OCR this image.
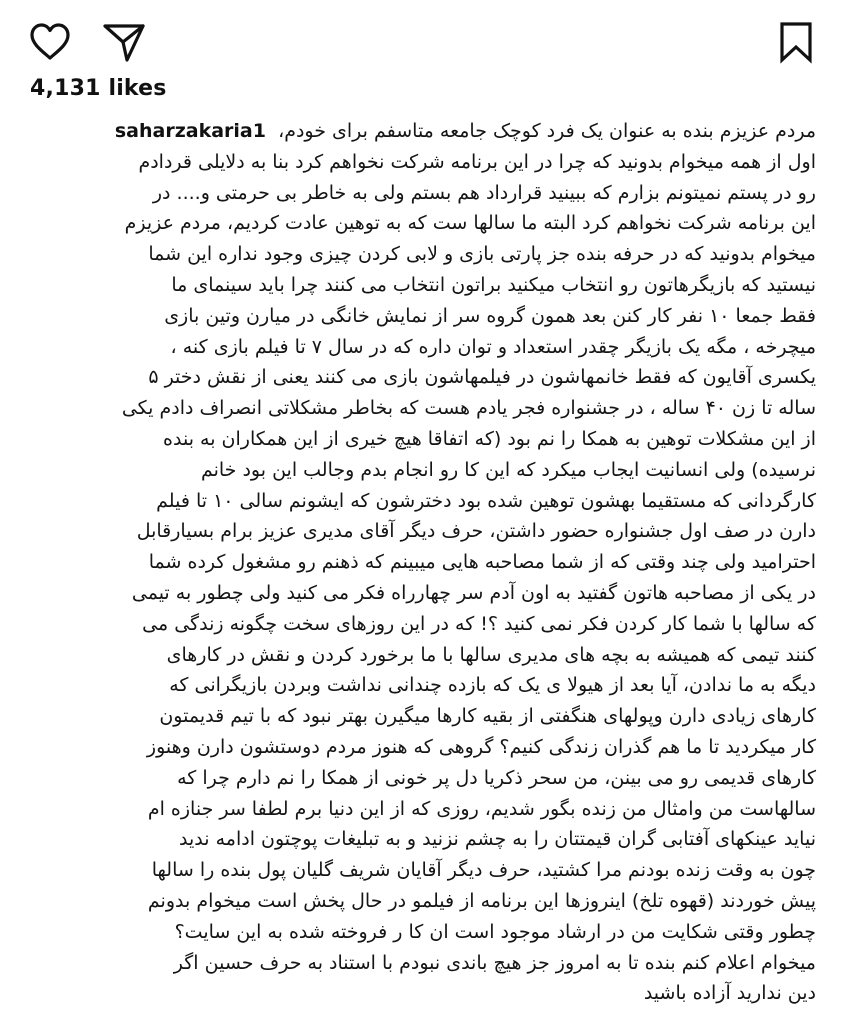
4,131 likes
مردم عزیزم بنده به عنوان یک فرد کوچک جامعه متاسفم برای خودم،  saharzakaria1
اول از همه میخوام بدونید که چرا در این برنامه شرکت نخواهم کرد بنا به دلایلی قردادم
رو در پستم نمیتونم بزارم که ببینید قرارداد هم بستم ولی به خاطر بی حرمتی و.... در
این برنامه شرکت نخواهم کرد البته ما سالها ست که به توهین عادت کردیم، مردم عزیزم
میخوام بدونید که در حرفه بنده جز پارتی بازی و لابی کردن چیزی وجود نداره این شما
نیستید که بازیگرهاتون رو انتخاب میکنید براتون انتخاب می کنند چرا باید سینمای ما
فقط جمعا ۱۰ نفر کار کنن بعد همون گروه سر از نمایش خانگی در میارن وتین بازی
میچرخه ، مگه یک بازیگر چقدر استعداد و توان داره که در سال ۷ تا فیلم بازی کنه ،
یکسری آقایون که فقط خانمهاشون در فیلمهاشون بازی می کنند یعنی از نقش دختر ۵
ساله تا زن ۴۰ ساله ، در جشنواره فجر یادم هست که بخاطر مشکلاتی انصراف دادم یکی
از این مشکلات توهین به همکا را نم بود (که اتفاقا هیچ خیری از این همکاران به بنده
نرسیده) ولی انسانیت ایجاب میکرد که این کا رو انجام بدم وجالب این بود خانم
کارگردانی که مستقیما بهشون توهین شده بود دخترشون که ایشونم سالی ۱۰ تا فیلم
دارن در صف اول جشنواره حضور داشتن، حرف دیگر آقای مدیری عزیز برام بسیارقابل
احترامید ولی چند وقتی که از شما مصاحبه هایی میبینم که ذهنم رو مشغول کرده شما
در یکی از مصاحبه هاتون گفتید به اون آدم سر چهارراه فکر می کنید ولی چطور به تیمی
که سالها با شما کار کردن فکر نمی کنید ؟! که در این روزهای سخت چگونه زندگی می
کنند تیمی که همیشه به بچه های مدیری سالها با ما برخورد کردن و نقش در کارهای
دیگه به ما ندادن، آیا بعد از هیولا ی یک که بازده چندانی نداشت وبردن بازیگرانی که
کارهای زیادی دارن وپولهای هنگفتی از بقیه کارها میگیرن بهتر نبود که با تیم قدیمتون
کار میکردید تا ما هم گذران زندگی کنیم؟ گروهی که هنوز مردم دوستشون دارن وهنوز
کارهای قدیمی رو می بینن، من سحر ذکریا دل پر خونی از همکا را نم دارم چرا که
سالهاست من وامثال من زنده بگور شدیم، روزی که از این دنیا برم لطفا سر جنازه ام
نیاید عینکهای آفتابی گران قیمتتان را به چشم نزنید و به تبلیغات پوچتون ادامه ندید
چون به وقت زنده بودنم مرا کشتید، حرف دیگر آقایان شریف گلیان پول بنده را سالها
پیش خوردند (قهوه تلخ) اینروزها این برنامه از فیلمو در حال پخش است میخوام بدونم
چطور وقتی شکایت من در ارشاد موجود است ان کا ر فروخته شده به این سایت؟
میخوام اعلام کنم بنده تا به امروز جز هیچ باندی نبودم با استناد به حرف حسین اگر
دین ندارید آزاده باشید
